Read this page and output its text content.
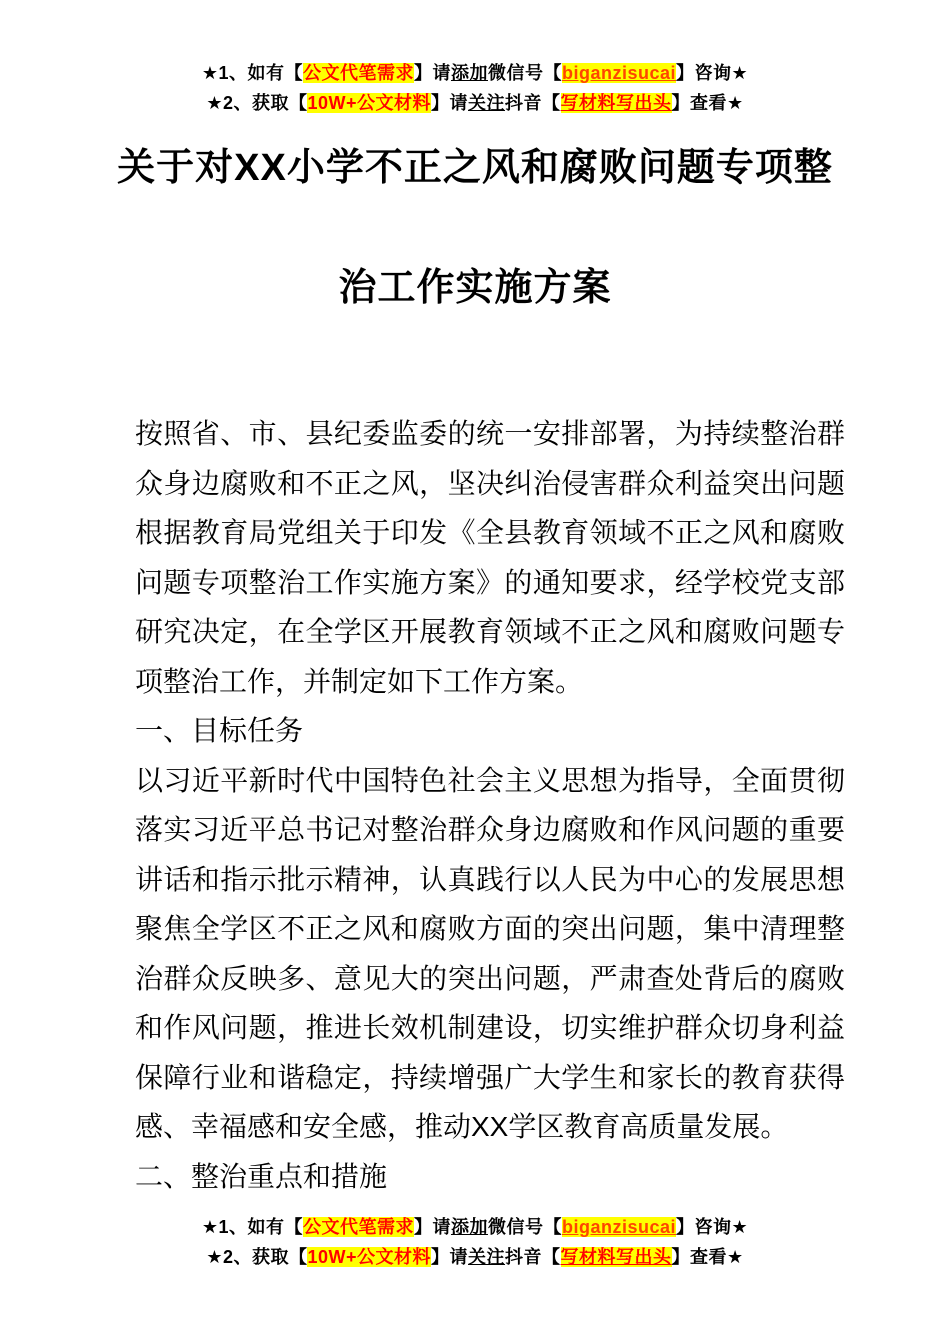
★1、如有【公文代笔需求】请添加微信号【biganzisucai】咨询★
★2、获取【10W+公文材料】请关注抖音【写材料写出头】查看★
关于对XX小学不正之风和腐败问题专项整
治工作实施方案
按照省、市、县纪委监委的统一安排部署，为持续整治群
众身边腐败和不正之风，坚决纠治侵害群众利益突出问题
根据教育局党组关于印发《全县教育领域不正之风和腐败
问题专项整治工作实施方案》的通知要求，经学校党支部
研究决定，在全学区开展教育领域不正之风和腐败问题专
项整治工作，并制定如下工作方案。
一、目标任务
以习近平新时代中国特色社会主义思想为指导，全面贯彻
落实习近平总书记对整治群众身边腐败和作风问题的重要
讲话和指示批示精神，认真践行以人民为中心的发展思想
聚焦全学区不正之风和腐败方面的突出问题，集中清理整
治群众反映多、意见大的突出问题，严肃查处背后的腐败
和作风问题，推进长效机制建设，切实维护群众切身利益
保障行业和谐稳定，持续增强广大学生和家长的教育获得
感、幸福感和安全感，推动XX学区教育高质量发展。
二、整治重点和措施
★1、如有【公文代笔需求】请添加微信号【biganzisucai】咨询★
★2、获取【10W+公文材料】请关注抖音【写材料写出头】查看★
